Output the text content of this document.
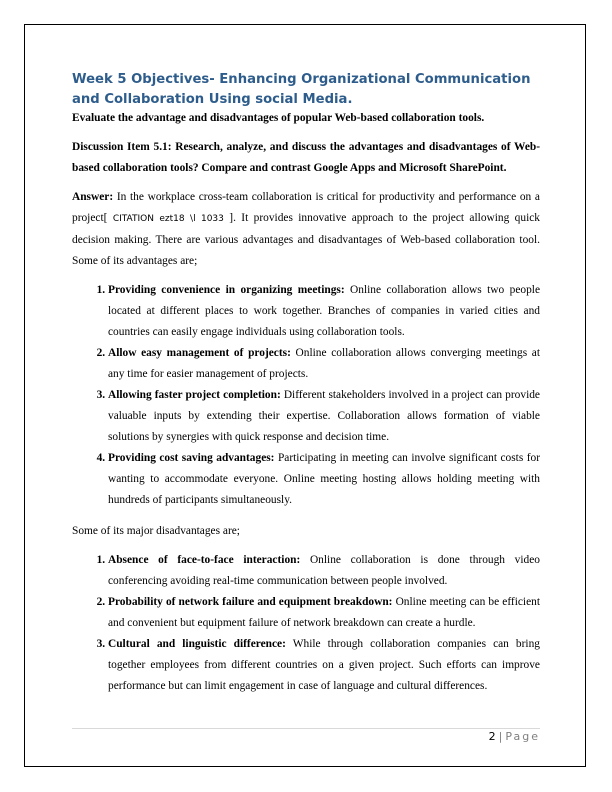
Week 5 Objectives- Enhancing Organizational Communication and Collaboration Using social Media.

Evaluate the advantage and disadvantages of popular Web-based collaboration tools.

Discussion Item 5.1: Research, analyze, and discuss the advantages and disadvantages of Web-based collaboration tools? Compare and contrast Google Apps and Microsoft SharePoint.

Answer: In the workplace cross-team collaboration is critical for productivity and performance on a project[ CITATION ezt18 \l 1033 ]. It provides innovative approach to the project allowing quick decision making. There are various advantages and disadvantages of Web-based collaboration tool. Some of its advantages are;

1. Providing convenience in organizing meetings: Online collaboration allows two people located at different places to work together. Branches of companies in varied cities and countries can easily engage individuals using collaboration tools.
2. Allow easy management of projects: Online collaboration allows converging meetings at any time for easier management of projects.
3. Allowing faster project completion: Different stakeholders involved in a project can provide valuable inputs by extending their expertise. Collaboration allows formation of viable solutions by synergies with quick response and decision time.
4. Providing cost saving advantages: Participating in meeting can involve significant costs for wanting to accommodate everyone. Online meeting hosting allows holding meeting with hundreds of participants simultaneously.

Some of its major disadvantages are;

1. Absence of face-to-face interaction: Online collaboration is done through video conferencing avoiding real-time communication between people involved.
2. Probability of network failure and equipment breakdown: Online meeting can be efficient and convenient but equipment failure of network breakdown can create a hurdle.
3. Cultural and linguistic difference: While through collaboration companies can bring together employees from different countries on a given project. Such efforts can improve performance but can limit engagement in case of language and cultural differences.
2 | Page
